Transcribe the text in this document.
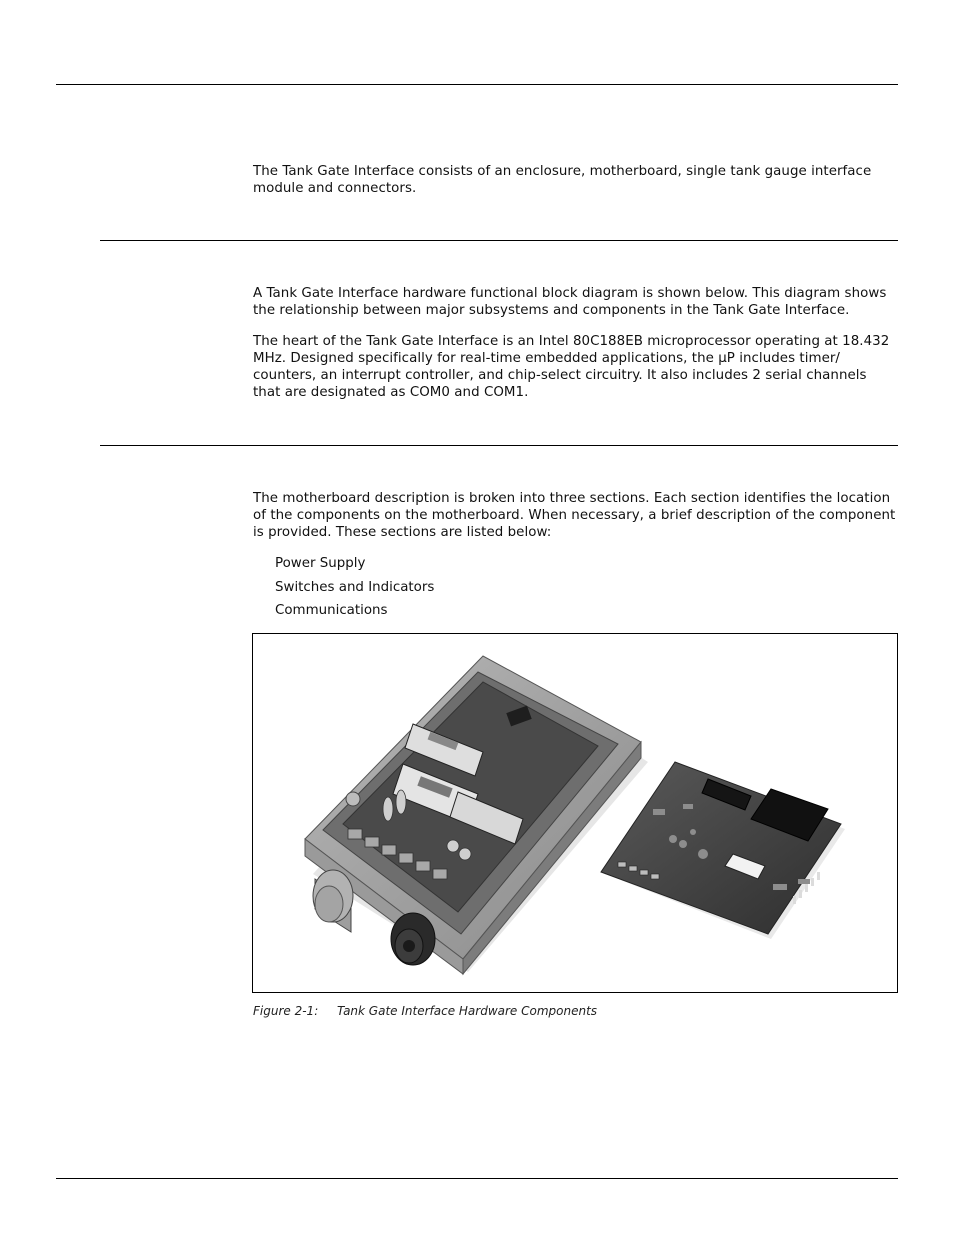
The Tank Gate Interface consists of an enclosure, motherboard, single tank gauge interface module and connectors.

A Tank Gate Interface hardware functional block diagram is shown below. This diagram shows the relationship between major subsystems and components in the Tank Gate Interface.

The heart of the Tank Gate Interface is an Intel 80C188EB microprocessor operating at 18.432 MHz. Designed specifically for real-time embedded applications, the µP includes timer/ counters, an interrupt controller, and chip-select circuitry. It also includes 2 serial channels that are designated as COM0 and COM1.

The motherboard description is broken into three sections. Each section identifies the location of the components on the motherboard. When necessary, a brief description of the component is provided. These sections are listed below:

Power Supply
Switches and Indicators
Communications
Figure 2-1: Tank Gate Interface Hardware Components
